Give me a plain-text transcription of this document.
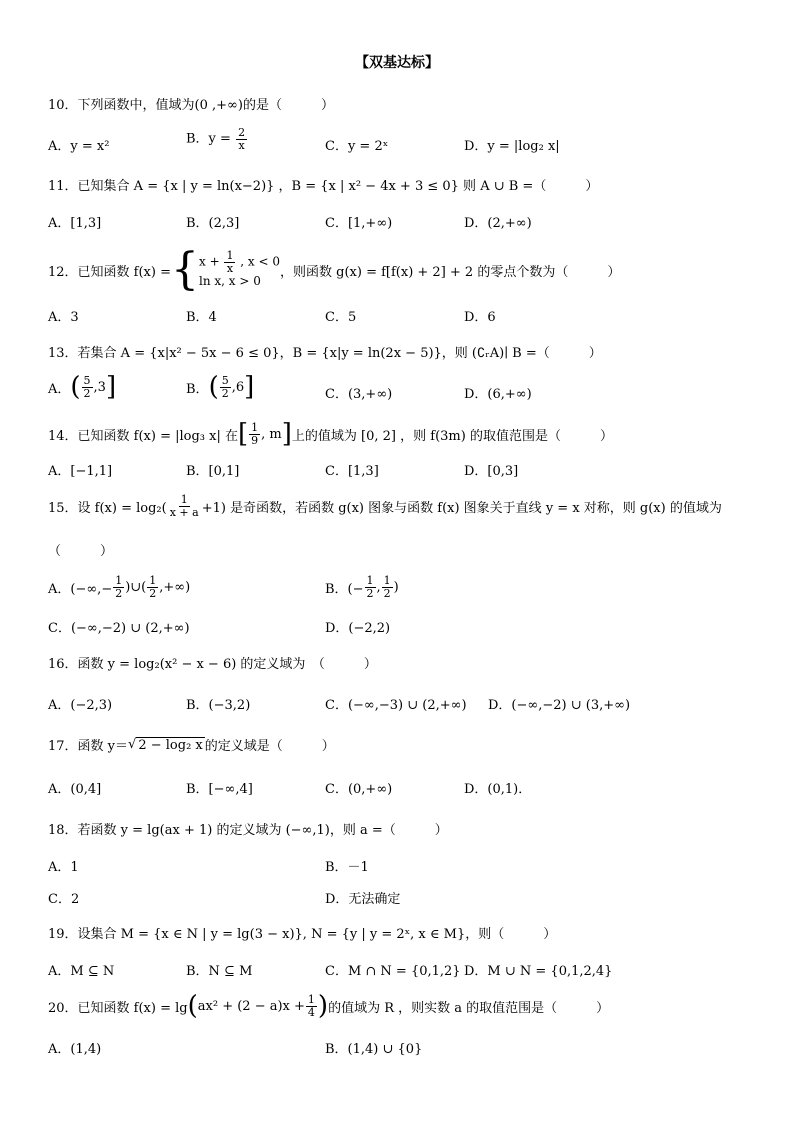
【双基达标】
10．下列函数中，值域为(0 ,+∞)的是（　　　）
A．y = x²	B．$y = \frac{2}{x}$	C．y = 2ˣ	D．y = |log₂ x|
11．已知集合 A = {x | y = ln(x−2)} ，B = {x | x² − 4x + 3 ≤ 0} 则 A ∪ B =（　　　）
A．[1,3]	B．(2,3]	C．[1,+∞)	D．(2,+∞)
12．已知函数 f(x) = { $x + \frac{1}{x}$ , x < 0
ln x, x > 0
，则函数 g(x) = f[f(x) + 2] + 2 的零点个数为（　　　）
A．3	B．4	C．5	D．6
13．若集合 A = {x|x² − 5x − 6 ≤ 0}，B = {x|y = ln(2x − 5)}，则 (∁ᵣA)∣ B =（　　　）
A． ( $\frac{5}{2} ,3$ ]	B． ( $\frac{5}{2} ,6$ ]	C．(3,+∞)	D．(6,+∞)
14．已知函数 f(x) = |log₃ x| 在 [ $\frac{1}{9}$ , m ] 上的值域为 [0, 2] ，则 f(3m) 的取值范围是（　　　）
A．[−1,1]	B．[0,1]	C．[1,3]	D．[0,3]
15．设 $f(x) = \log_2( \frac{1}{x + a} +1)$ 是奇函数，若函数 g(x) 图象与函数 f(x) 图象关于直线 y = x 对称，则 g(x) 的值域为
（　　　）
A．(−∞,− $\frac{1}{2}$ )∪( $\frac{1}{2}$ ,+∞)	B．(− $\frac{1}{2}$ , $\frac{1}{2}$ )
C．(−∞,−2) ∪ (2,+∞)	D．(−2,2)
16．函数 y = log₂(x² − x − 6) 的定义域为　（　　　）
A．(−2,3)	B．(−3,2)	C．(−∞,−3) ∪ (2,+∞) D．(−∞,−2) ∪ (3,+∞)
17．函数 y＝ √ 2 − log₂ x 的定义域是（　　　）
A．(0,4]	B．[−∞,4]	C．(0,+∞)	D．(0,1)．
18．若函数 y = lg(ax + 1) 的定义域为 (−∞,1)，则 a =（　　　）
A．1	B．－1
C．2	D．无法确定
19．设集合 M = {x ∈ N | y = lg(3 − x)}, N = {y | y = 2ˣ, x ∈ M}，则（　　　）
A．M ⊆ N	B．N ⊆ M	C．M ∩ N = {0,1,2} D．M ∪ N = {0,1,2,4}
20．已知函数 f(x) = lg ( $ax^2 + (2 - a)x + \frac{1}{4}$ ) 的值域为 R ，则实数 a 的取值范围是（　　　）
A．(1,4)	B．(1,4) ∪ {0}
